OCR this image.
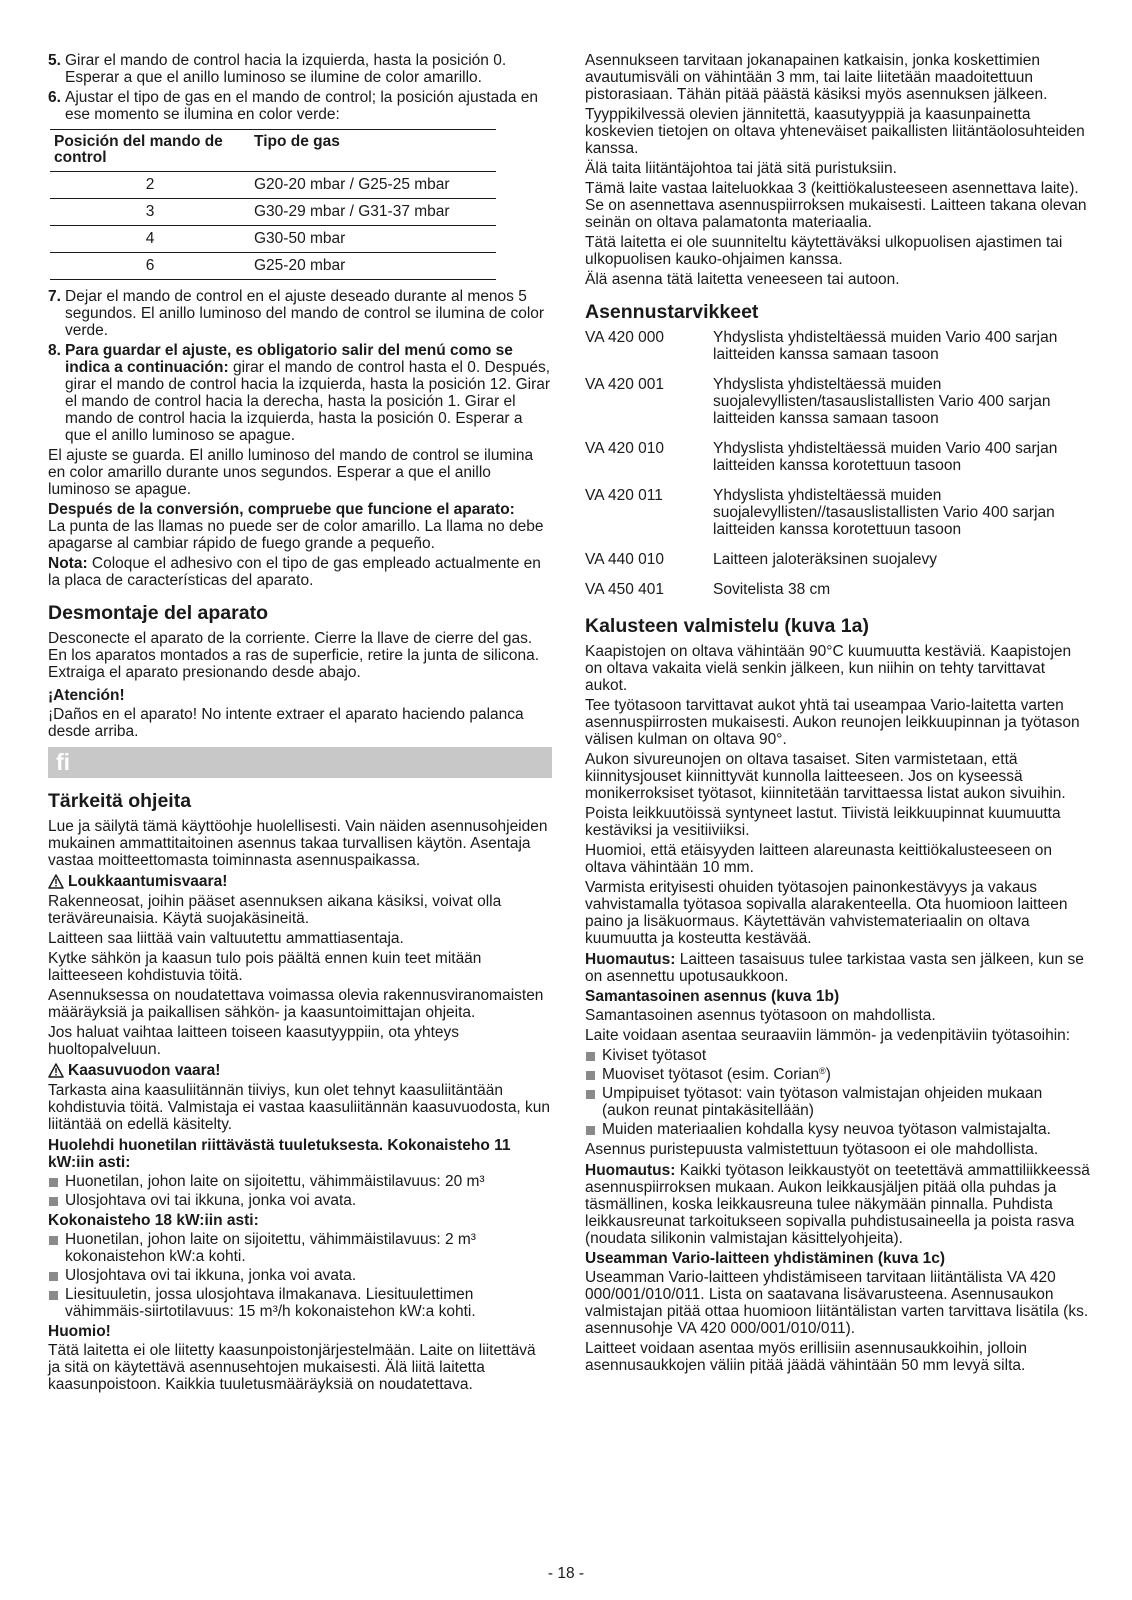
5. Girar el mando de control hacia la izquierda, hasta la posición 0. Esperar a que el anillo luminoso se ilumine de color amarillo.
6. Ajustar el tipo de gas en el mando de control; la posición ajustada en ese momento se ilumina en color verde:
Posición del mando de control	Tipo de gas
2	G20-20 mbar / G25-25 mbar
3	G30-29 mbar / G31-37 mbar
4	G30-50 mbar
6	G25-20 mbar
7. Dejar el mando de control en el ajuste deseado durante al menos 5 segundos. El anillo luminoso del mando de control se ilumina de color verde.
8. Para guardar el ajuste, es obligatorio salir del menú como se indica a continuación: girar el mando de control hasta el 0. Después, girar el mando de control hacia la izquierda, hasta la posición 12. Girar el mando de control hacia la derecha, hasta la posición 1. Girar el mando de control hacia la izquierda, hasta la posición 0. Esperar a que el anillo luminoso se apague.

El ajuste se guarda. El anillo luminoso del mando de control se ilumina en color amarillo durante unos segundos. Esperar a que el anillo luminoso se apague.

Después de la conversión, compruebe que funcione el aparato:

La punta de las llamas no puede ser de color amarillo. La llama no debe apagarse al cambiar rápido de fuego grande a pequeño.

Nota: Coloque el adhesivo con el tipo de gas empleado actualmente en la placa de características del aparato.

Desmontaje del aparato

Desconecte el aparato de la corriente. Cierre la llave de cierre del gas. En los aparatos montados a ras de superficie, retire la junta de silicona. Extraiga el aparato presionando desde abajo.

¡Atención!

¡Daños en el aparato! No intente extraer el aparato haciendo palanca desde arriba.

fi
Tärkeitä ohjeita

Lue ja säilytä tämä käyttöohje huolellisesti. Vain näiden asennusohjeiden mukainen ammattitaitoinen asennus takaa turvallisen käytön. Asentaja vastaa moitteettomasta toiminnasta asennuspaikassa.

Loukkaantumisvaara!

Rakenneosat, joihin pääset asennuksen aikana käsiksi, voivat olla teräväreunaisia. Käytä suojakäsineitä.

Laitteen saa liittää vain valtuutettu ammattiasentaja.

Kytke sähkön ja kaasun tulo pois päältä ennen kuin teet mitään laitteeseen kohdistuvia töitä.

Asennuksessa on noudatettava voimassa olevia rakennusviranomaisten määräyksiä ja paikallisen sähkön- ja kaasuntoimittajan ohjeita.

Jos haluat vaihtaa laitteen toiseen kaasutyyppiin, ota yhteys huoltopalveluun.

Kaasuvuodon vaara!

Tarkasta aina kaasuliitännän tiiviys, kun olet tehnyt kaasuliitäntään kohdistuvia töitä. Valmistaja ei vastaa kaasuliitännän kaasuvuodosta, kun liitäntää on edellä käsitelty.

Huolehdi huonetilan riittävästä tuuletuksesta. Kokonaisteho 11 kW:iin asti:

Huonetilan, johon laite on sijoitettu, vähimmäistilavuus: 20 m³
Ulosjohtava ovi tai ikkuna, jonka voi avata.

Kokonaisteho 18 kW:iin asti:

Huonetilan, johon laite on sijoitettu, vähimmäistilavuus: 2 m³ kokonaistehon kW:a kohti.
Ulosjohtava ovi tai ikkuna, jonka voi avata.
Liesituuletin, jossa ulosjohtava ilmakanava. Liesituulettimen vähimmäis-siirtotilavuus: 15 m³/h kokonaistehon kW:a kohti.

Huomio!

Tätä laitetta ei ole liitetty kaasunpoistonjärjestelmään. Laite on liitettävä ja sitä on käytettävä asennusehtojen mukaisesti. Älä liitä laitetta kaasunpoistoon. Kaikkia tuuletusmääräyksiä on noudatettava.

Asennukseen tarvitaan jokanapainen katkaisin, jonka koskettimien avautumisväli on vähintään 3 mm, tai laite liitetään maadoitettuun pistorasiaan. Tähän pitää päästä käsiksi myös asennuksen jälkeen.

Tyyppikilvessä olevien jännitettä, kaasutyyppiä ja kaasunpainetta koskevien tietojen on oltava yhteneväiset paikallisten liitäntäolosuhteiden kanssa.

Älä taita liitäntäjohtoa tai jätä sitä puristuksiin.

Tämä laite vastaa laiteluokkaa 3 (keittiökalusteeseen asennettava laite). Se on asennettava asennuspiirroksen mukaisesti. Laitteen takana olevan seinän on oltava palamatonta materiaalia.

Tätä laitetta ei ole suunniteltu käytettäväksi ulkopuolisen ajastimen tai ulkopuolisen kauko-ohjaimen kanssa.

Älä asenna tätä laitetta veneeseen tai autoon.

Asennustarvikkeet
VA 420 000	Yhdyslista yhdisteltäessä muiden Vario 400 sarjan laitteiden kanssa samaan tasoon
VA 420 001	Yhdyslista yhdisteltäessä muiden suojalevyllisten/tasauslistallisten Vario 400 sarjan laitteiden kanssa samaan tasoon
VA 420 010	Yhdyslista yhdisteltäessä muiden Vario 400 sarjan laitteiden kanssa korotettuun tasoon
VA 420 011	Yhdyslista yhdisteltäessä muiden suojalevyllisten//tasauslistallisten Vario 400 sarjan laitteiden kanssa korotettuun tasoon
VA 440 010	Laitteen jaloteräksinen suojalevy
VA 450 401	Sovitelista 38 cm
Kalusteen valmistelu (kuva 1a)

Kaapistojen on oltava vähintään 90°C kuumuutta kestäviä. Kaapistojen on oltava vakaita vielä senkin jälkeen, kun niihin on tehty tarvittavat aukot.

Tee työtasoon tarvittavat aukot yhtä tai useampaa Vario-laitetta varten asennuspiirrosten mukaisesti. Aukon reunojen leikkuupinnan ja työtason välisen kulman on oltava 90°.

Aukon sivureunojen on oltava tasaiset. Siten varmistetaan, että kiinnitysjouset kiinnittyvät kunnolla laitteeseen. Jos on kyseessä monikerroksiset työtasot, kiinnitetään tarvittaessa listat aukon sivuihin.

Poista leikkuutöissä syntyneet lastut. Tiivistä leikkuupinnat kuumuutta kestäviksi ja vesitiiviiksi.

Huomioi, että etäisyyden laitteen alareunasta keittiökalusteeseen on oltava vähintään 10 mm.

Varmista erityisesti ohuiden työtasojen painonkestävyys ja vakaus vahvistamalla työtasoa sopivalla alarakenteella. Ota huomioon laitteen paino ja lisäkuormaus. Käytettävän vahvistemateriaalin on oltava kuumuutta ja kosteutta kestävää.

Huomautus: Laitteen tasaisuus tulee tarkistaa vasta sen jälkeen, kun se on asennettu upotusaukkoon.

Samantasoinen asennus (kuva 1b)

Samantasoinen asennus työtasoon on mahdollista.

Laite voidaan asentaa seuraaviin lämmön- ja vedenpitäviin työtasoihin:

Kiviset työtasot
Muoviset työtasot (esim. Corian®)
Umpipuiset työtasot: vain työtason valmistajan ohjeiden mukaan (aukon reunat pintakäsitellään)
Muiden materiaalien kohdalla kysy neuvoa työtason valmistajalta.

Asennus puristepuusta valmistettuun työtasoon ei ole mahdollista.

Huomautus: Kaikki työtason leikkaustyöt on teetettävä ammattiliikkeessä asennuspiirroksen mukaan. Aukon leikkausjäljen pitää olla puhdas ja täsmällinen, koska leikkausreuna tulee näkymään pinnalla. Puhdista leikkausreunat tarkoitukseen sopivalla puhdistusaineella ja poista rasva (noudata silikonin valmistajan käsittelyohjeita).

Useamman Vario-laitteen yhdistäminen (kuva 1c)

Useamman Vario-laitteen yhdistämiseen tarvitaan liitäntälista VA 420 000/001/010/011. Lista on saatavana lisävarusteena. Asennusaukon valmistajan pitää ottaa huomioon liitäntälistan varten tarvittava lisätila (ks. asennusohje VA 420 000/001/010/011).

Laitteet voidaan asentaa myös erillisiin asennusaukkoihin, jolloin asennusaukkojen väliin pitää jäädä vähintään 50 mm levyä silta.

- 18 -
